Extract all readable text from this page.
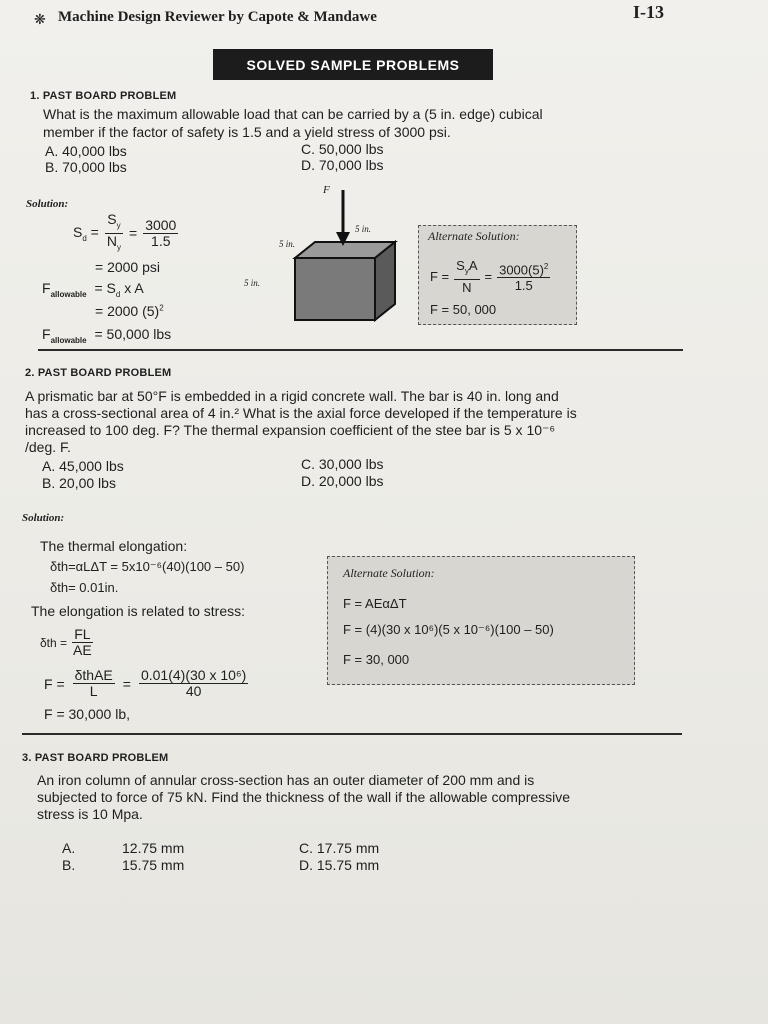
❋ Machine Design Reviewer by Capote & Mandawe	I-13
SOLVED SAMPLE PROBLEMS
1. PAST BOARD PROBLEM
What is the maximum allowable load that can be carried by a (5 in. edge) cubical
member if the factor of safety is 1.5 and a yield stress of 3000 psi.
A. 40,000 lbs
B. 70,000 lbs
C. 50,000 lbs
D. 70,000 lbs
Solution:
$S_d = \frac{S_y}{N_y} = \frac{3000}{1.5}$
= 2000 psi
$F_{allowable} = S_d$ x A
= 2000 $(5)^2$
$F_{allowable} = 50,000$ lbs
F
5 in.
5 in.
5 in.
Alternate Solution:
$F = \frac{S_yA}{N} = \frac{3000(5)^2}{1.5}$
F = 50, 000
2. PAST BOARD PROBLEM
A prismatic bar at 50°F is embedded in a rigid concrete wall. The bar is 40 in. long and
has a cross-sectional area of 4 in.² What is the axial force developed if the temperature is
increased to 100 deg. F? The thermal expansion coefficient of the stee bar is 5 x 10⁻⁶
/deg. F.
A. 45,000 lbs
B. 20,00 lbs
C. 30,000 lbs
D. 20,000 lbs
Solution:
The thermal elongation:
δth=αLΔT = 5x10⁻⁶(40)(100 – 50)
δth= 0.01in.
The elongation is related to stress:
$\delta th = \frac{FL}{AE}$
$F = \frac{\text{δthAE}}{L} = \frac{\text{0.01(4)(30 x 10⁶)}}{40}$
F = 30,000 lb,
Alternate Solution:
F = AEαΔT
F = (4)(30 x 10⁶)(5 x 10⁻⁶)(100 – 50)
F = 30, 000
3. PAST BOARD PROBLEM
An iron column of annular cross-section has an outer diameter of 200 mm and is
subjected to force of 75 kN. Find the thickness of the wall if the allowable compressive
stress is 10 Mpa.
A.	12.75 mm
B.	15.75 mm
C. 17.75 mm
D. 15.75 mm
